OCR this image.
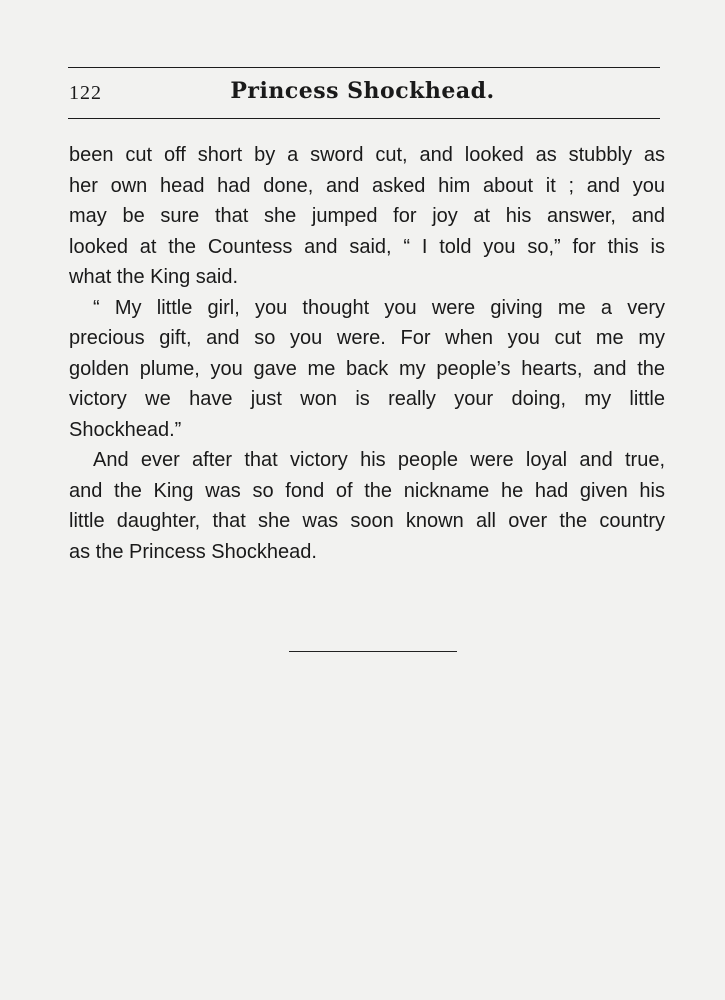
122	Princess Shockhead.

been cut off short by a sword cut, and looked as stubbly as
her own head had done, and asked him about it ; and you
may be sure that she jumped for joy at his answer, and
looked at the Countess and said, “ I told you so,” for this is
what the King said.

“ My little girl, you thought you were giving me a very
precious gift, and so you were. For when you cut me my
golden plume, you gave me back my people’s hearts, and the
victory we have just won is really your doing, my little
Shockhead.”

And ever after that victory his people were loyal and true,
and the King was so fond of the nickname he had given his
little daughter, that she was soon known all over the country
as the Princess Shockhead.
